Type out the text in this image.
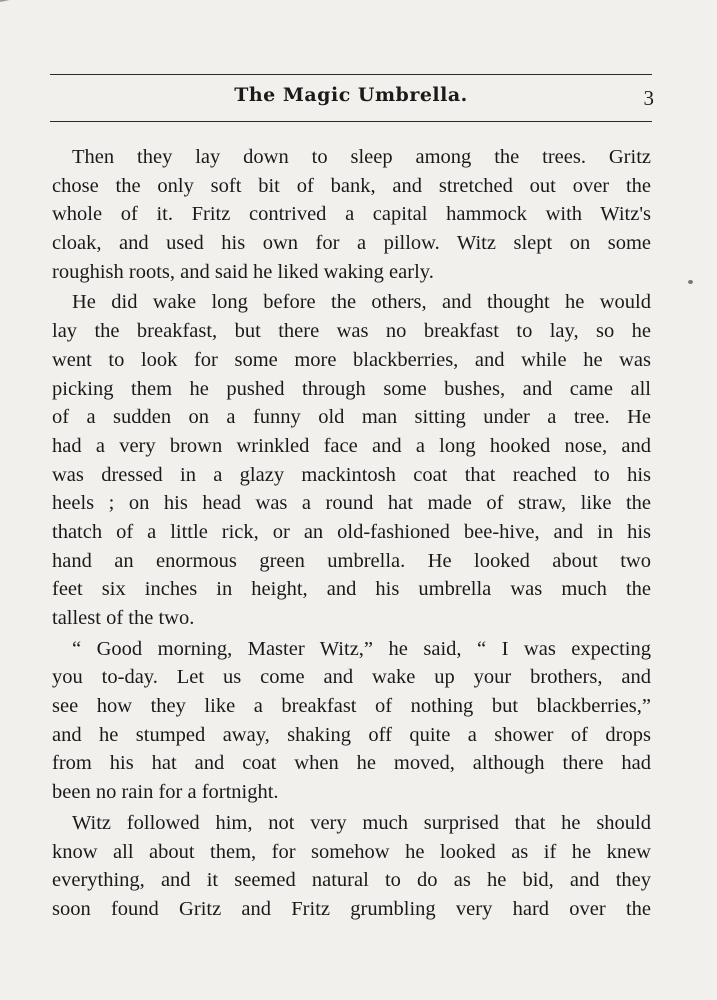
The Magic Umbrella.	3
Then they lay down to sleep among the trees. Gritz
chose the only soft bit of bank, and stretched out over the
whole of it. Fritz contrived a capital hammock with Witz's
cloak, and used his own for a pillow. Witz slept on some
roughish roots, and said he liked waking early.
He did wake long before the others, and thought he would
lay the breakfast, but there was no breakfast to lay, so he
went to look for some more blackberries, and while he was
picking them he pushed through some bushes, and came all
of a sudden on a funny old man sitting under a tree. He
had a very brown wrinkled face and a long hooked nose, and
was dressed in a glazy mackintosh coat that reached to his
heels ; on his head was a round hat made of straw, like the
thatch of a little rick, or an old-fashioned bee-hive, and in his
hand an enormous green umbrella. He looked about two
feet six inches in height, and his umbrella was much the
tallest of the two.
“ Good morning, Master Witz,” he said, “ I was expecting
you to-day. Let us come and wake up your brothers, and
see how they like a breakfast of nothing but blackberries,”
and he stumped away, shaking off quite a shower of drops
from his hat and coat when he moved, although there had
been no rain for a fortnight.
Witz followed him, not very much surprised that he should
know all about them, for somehow he looked as if he knew
everything, and it seemed natural to do as he bid, and they
soon found Gritz and Fritz grumbling very hard over the
